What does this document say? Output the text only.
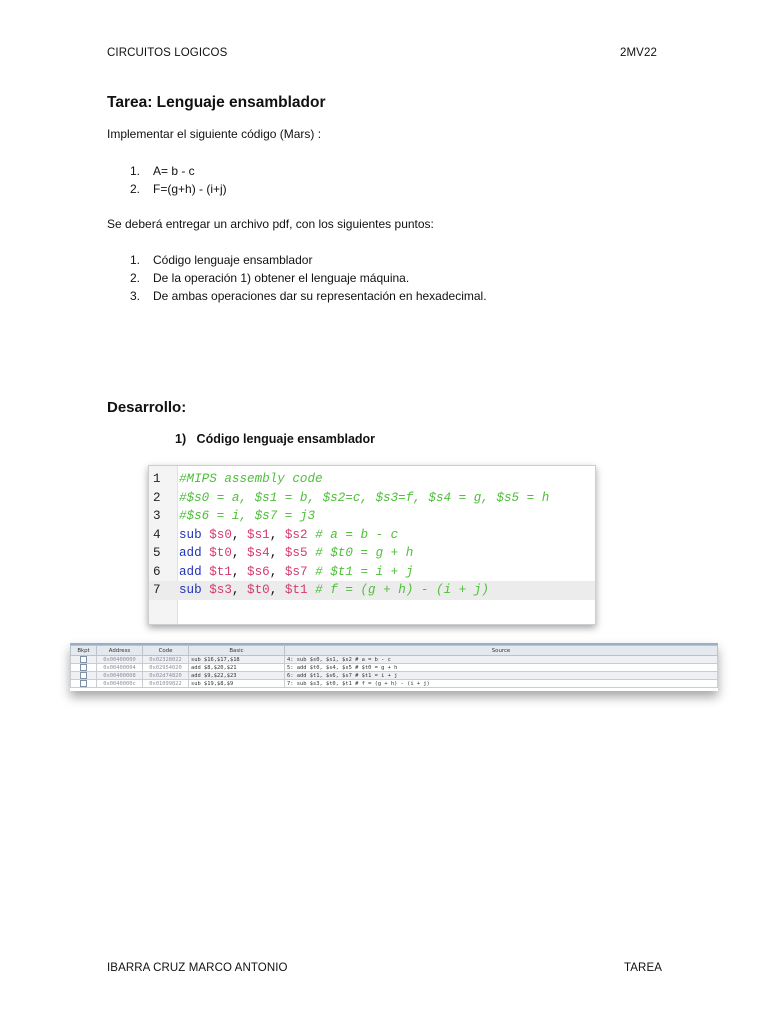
CIRCUITOS LOGICOS	2MV22
Tarea: Lenguaje ensamblador
Implementar el siguiente código (Mars) :
1. A= b - c
2. F=(g+h) - (i+j)
Se deberá entregar un archivo pdf, con los siguientes puntos:
1. Código lenguaje ensamblador
2. De la operación 1) obtener el lenguaje máquina.
3. De ambas operaciones dar su representación en hexadecimal.
Desarrollo:
1) Código lenguaje ensamblador
1	#MIPS assembly code
2	#$s0 = a, $s1 = b, $s2=c, $s3=f, $s4 = g, $s5 = h
3	#$s6 = i, $s7 = j3
4	sub $s0, $s1, $s2 # a = b - c
5	add $t0, $s4, $s5 # $t0 = g + h
6	add $t1, $s6, $s7 # $t1 = i + j
7	sub $s3, $t0, $t1 # f = (g + h) - (i + j)
Bkpt	Address	Code	Basic	Source
	0x00400000	0x02328022	sub $16,$17,$18	4: sub $s0, $s1, $s2 # a = b - c
	0x00400004	0x02954020	add $8,$20,$21	5: add $t0, $s4, $s5 # $t0 = g + h
	0x00400008	0x02d74820	add $9,$22,$23	6: add $t1, $s6, $s7 # $t1 = i + j
	0x0040000c	0x01099822	sub $19,$8,$9	7: sub $s3, $t0, $t1 # f = (g + h) - (i + j)
IBARRA CRUZ MARCO ANTONIO	TAREA
